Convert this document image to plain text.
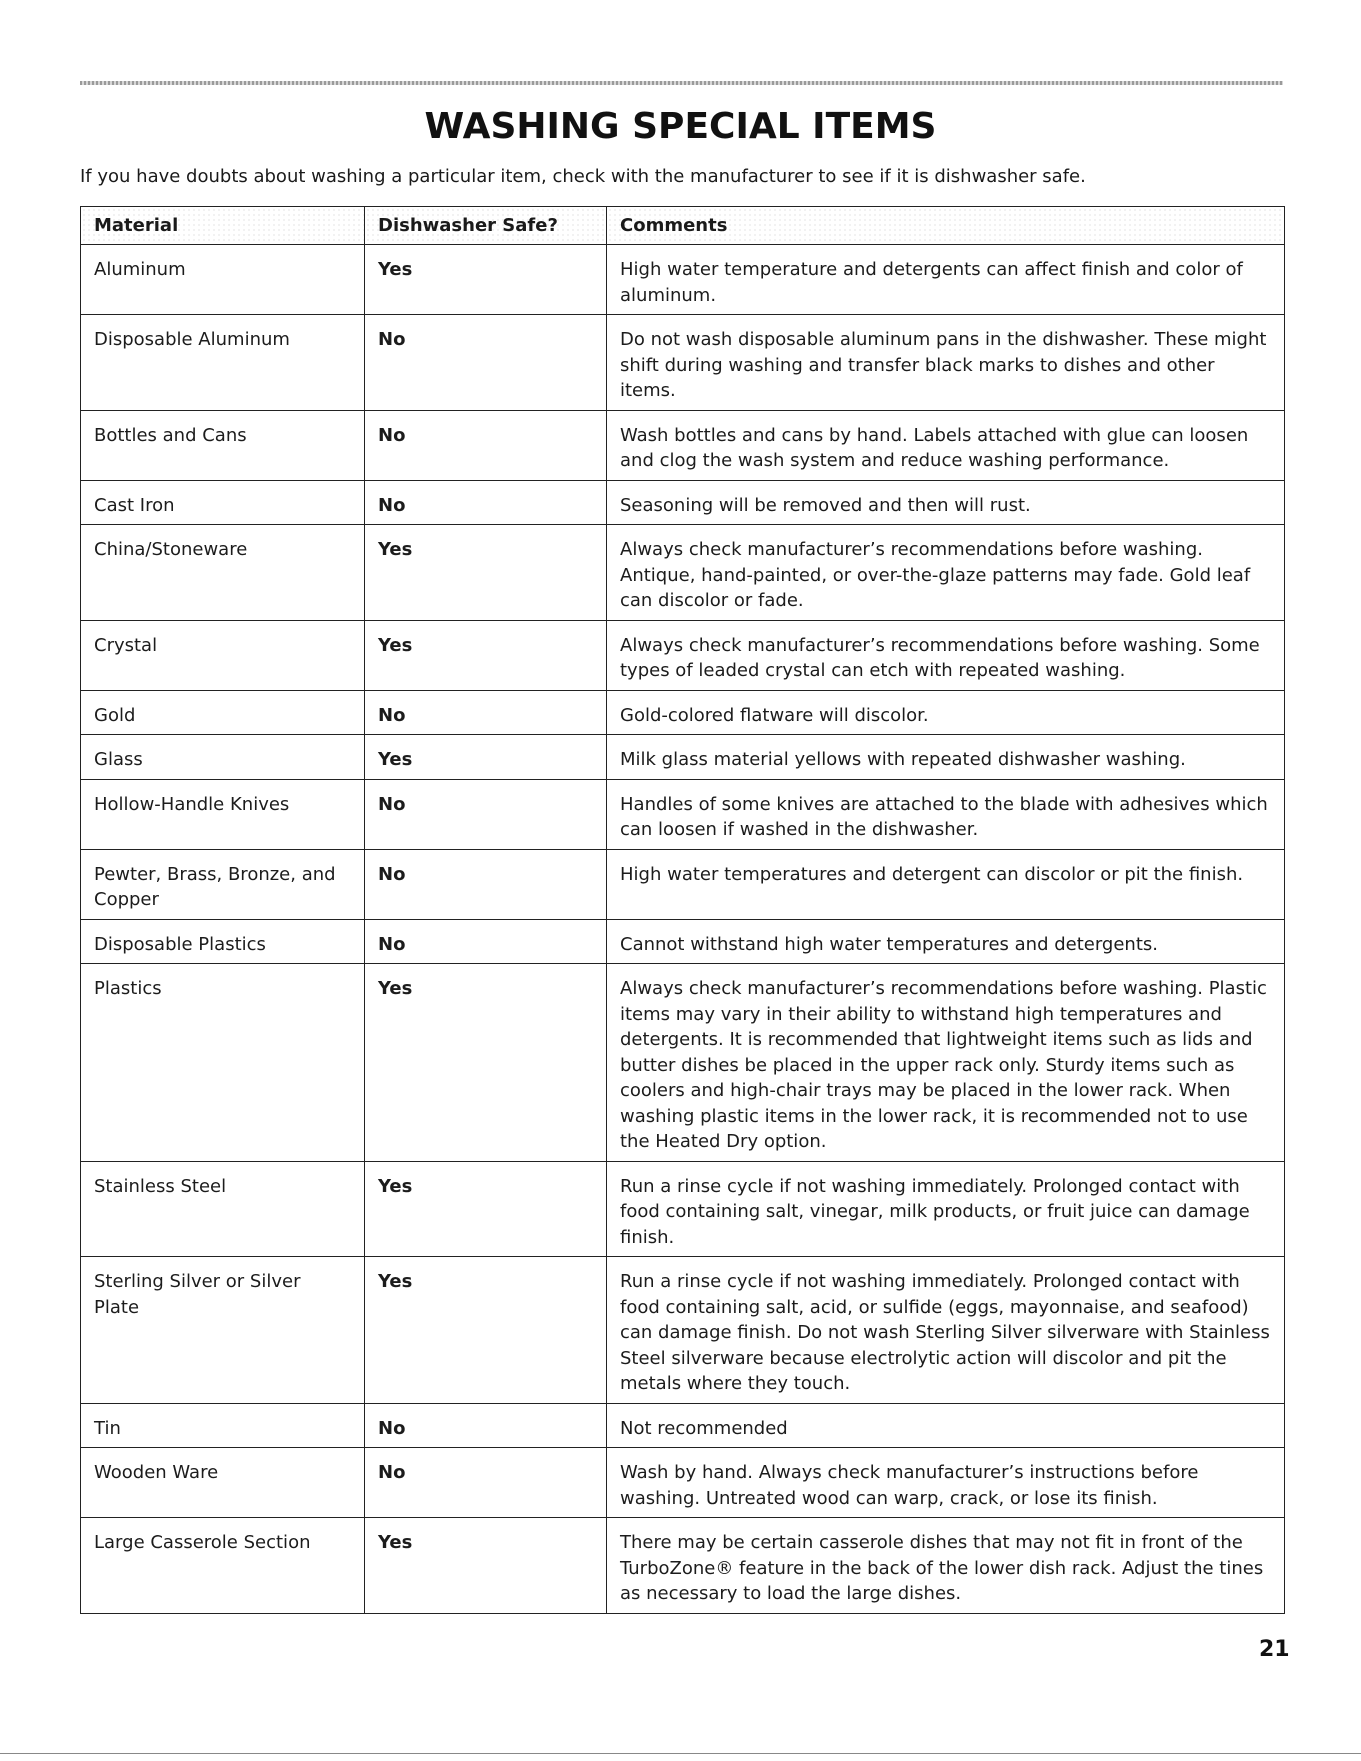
WASHING SPECIAL ITEMS
If you have doubts about washing a particular item, check with the manufacturer to see if it is dishwasher safe.
Material	Dishwasher Safe?	Comments
Aluminum	Yes	High water temperature and detergents can affect finish and color of aluminum.
Disposable Aluminum	No	Do not wash disposable aluminum pans in the dishwasher. These might shift during washing and transfer black marks to dishes and other items.
Bottles and Cans	No	Wash bottles and cans by hand. Labels attached with glue can loosen and clog the wash system and reduce washing performance.
Cast Iron	No	Seasoning will be removed and then will rust.
China/Stoneware	Yes	Always check manufacturer’s recommendations before washing. Antique, hand-painted, or over-the-glaze patterns may fade. Gold leaf can discolor or fade.
Crystal	Yes	Always check manufacturer’s recommendations before washing. Some types of leaded crystal can etch with repeated washing.
Gold	No	Gold-colored flatware will discolor.
Glass	Yes	Milk glass material yellows with repeated dishwasher washing.
Hollow-Handle Knives	No	Handles of some knives are attached to the blade with adhesives which can loosen if washed in the dishwasher.
Pewter, Brass, Bronze, and Copper	No	High water temperatures and detergent can discolor or pit the finish.
Disposable Plastics	No	Cannot withstand high water temperatures and detergents.
Plastics	Yes	Always check manufacturer’s recommendations before washing. Plastic items may vary in their ability to withstand high temperatures and detergents. It is recommended that lightweight items such as lids and butter dishes be placed in the upper rack only. Sturdy items such as coolers and high-chair trays may be placed in the lower rack. When washing plastic items in the lower rack, it is recommended not to use the Heated Dry option.
Stainless Steel	Yes	Run a rinse cycle if not washing immediately. Prolonged contact with food containing salt, vinegar, milk products, or fruit juice can damage finish.
Sterling Silver or Silver Plate	Yes	Run a rinse cycle if not washing immediately. Prolonged contact with food containing salt, acid, or sulfide (eggs, mayonnaise, and seafood) can damage finish. Do not wash Sterling Silver silverware with Stainless Steel silverware because electrolytic action will discolor and pit the metals where they touch.
Tin	No	Not recommended
Wooden Ware	No	Wash by hand. Always check manufacturer’s instructions before washing. Untreated wood can warp, crack, or lose its finish.
Large Casserole Section	Yes	There may be certain casserole dishes that may not fit in front of the TurboZone® feature in the back of the lower dish rack. Adjust the tines as necessary to load the large dishes.
21
